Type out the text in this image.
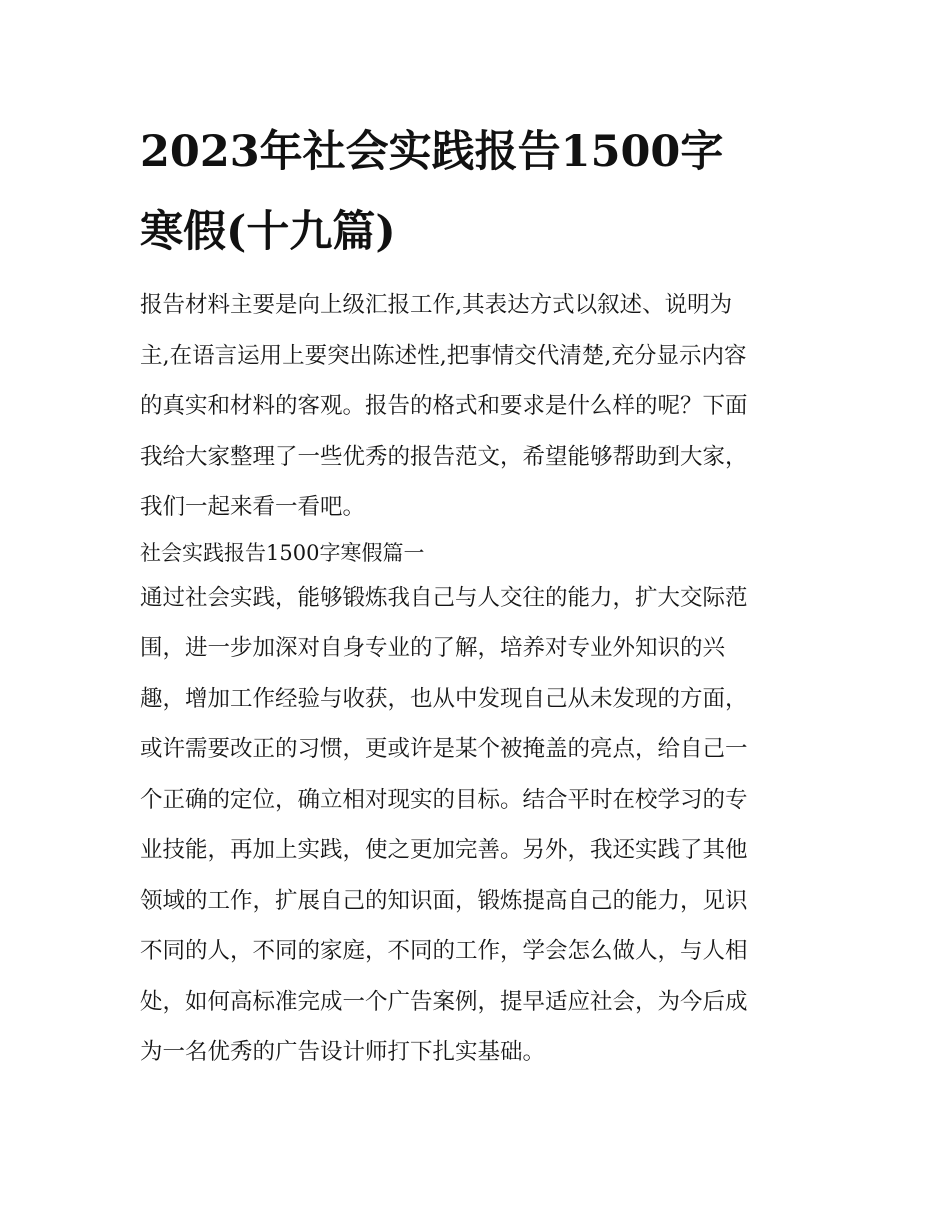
2023年社会实践报告1500字
寒假(十九篇)
报告材料主要是向上级汇报工作,其表达方式以叙述、说明为
主,在语言运用上要突出陈述性,把事情交代清楚,充分显示内容
的真实和材料的客观。报告的格式和要求是什么样的呢？下面
我给大家整理了一些优秀的报告范文，希望能够帮助到大家，
我们一起来看一看吧。
社会实践报告1500字寒假篇一
通过社会实践，能够锻炼我自己与人交往的能力，扩大交际范
围，进一步加深对自身专业的了解，培养对专业外知识的兴
趣，增加工作经验与收获，也从中发现自己从未发现的方面，
或许需要改正的习惯，更或许是某个被掩盖的亮点，给自己一
个正确的定位，确立相对现实的目标。结合平时在校学习的专
业技能，再加上实践，使之更加完善。另外，我还实践了其他
领域的工作，扩展自己的知识面，锻炼提高自己的能力，见识
不同的人，不同的家庭，不同的工作，学会怎么做人，与人相
处，如何高标准完成一个广告案例，提早适应社会，为今后成
为一名优秀的广告设计师打下扎实基础。
